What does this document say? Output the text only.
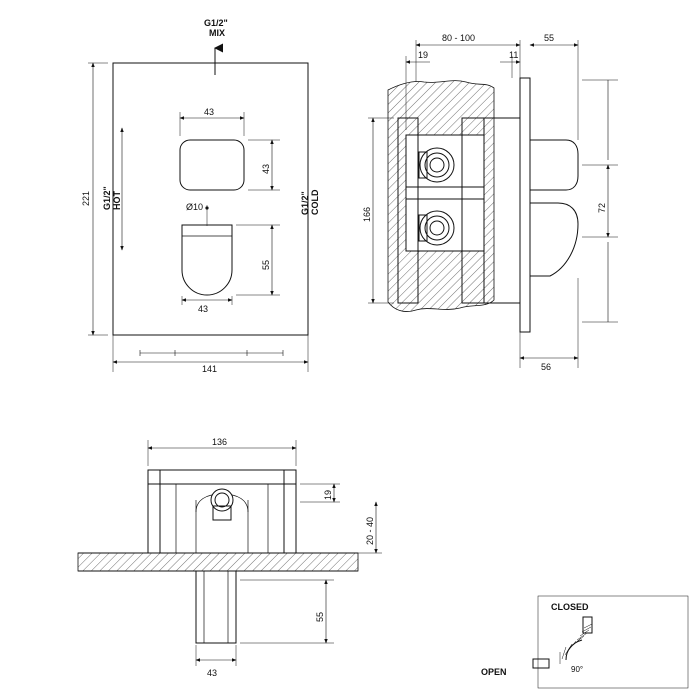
G1/2"
MIX
G1/2" HOT	G1/2" COLD
221
43
43
55
Ø10
43
141
80 - 100	55
19	11
166	72
56
136
19
20 - 40
55
43
CLOSED
OPEN	90°
